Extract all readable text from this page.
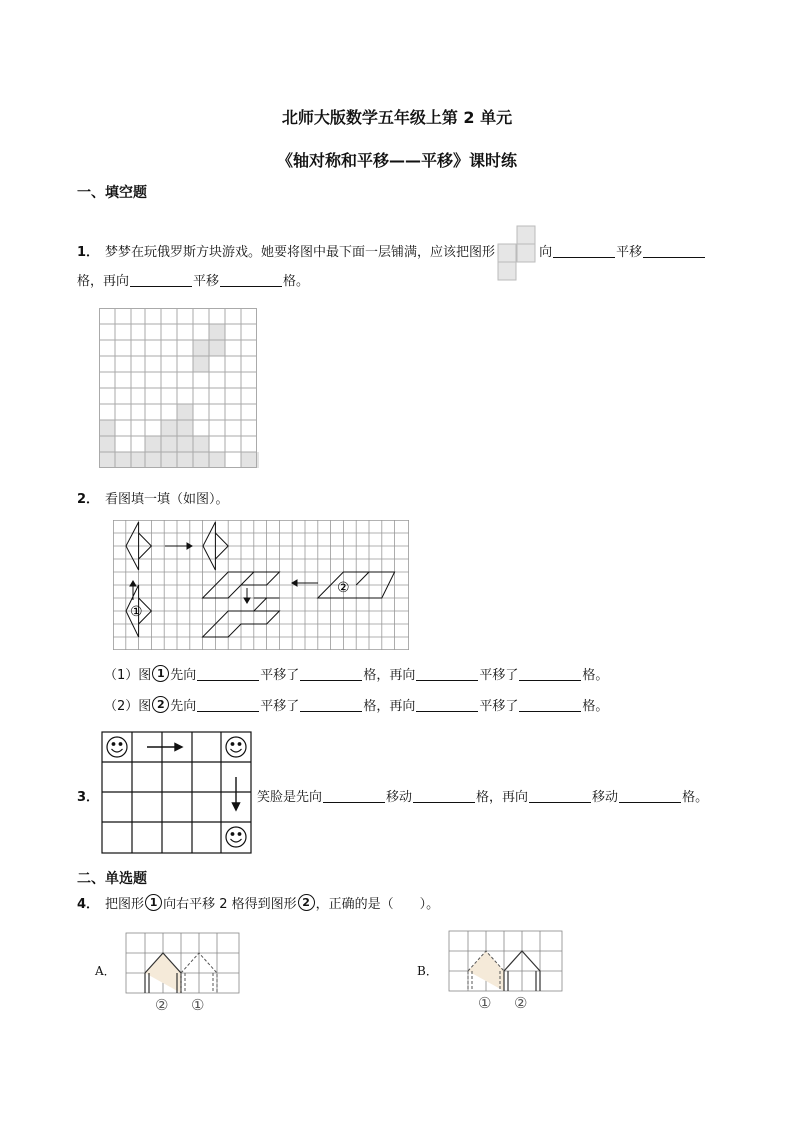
北师大版数学五年级上第 2 单元
《轴对称和平移——平移》课时练
一、填空题
1． 梦梦在玩俄罗斯方块游戏。她要将图中最下面一层铺满，应该把图形	向	平移
格，再向	平移	格。
2． 看图填一填（如图）。
①
②
（1）图 1 先向	平移了	格，再向	平移了	格。
（2）图 2 先向	平移了	格，再向	平移了	格。
3．	笑脸是先向	移动	格，再向	移动	格。
二、单选题
4． 把图形 1 向右平移 2 格得到图形 2 ，正确的是（　　）。
A．
② ①
B．
① ②
